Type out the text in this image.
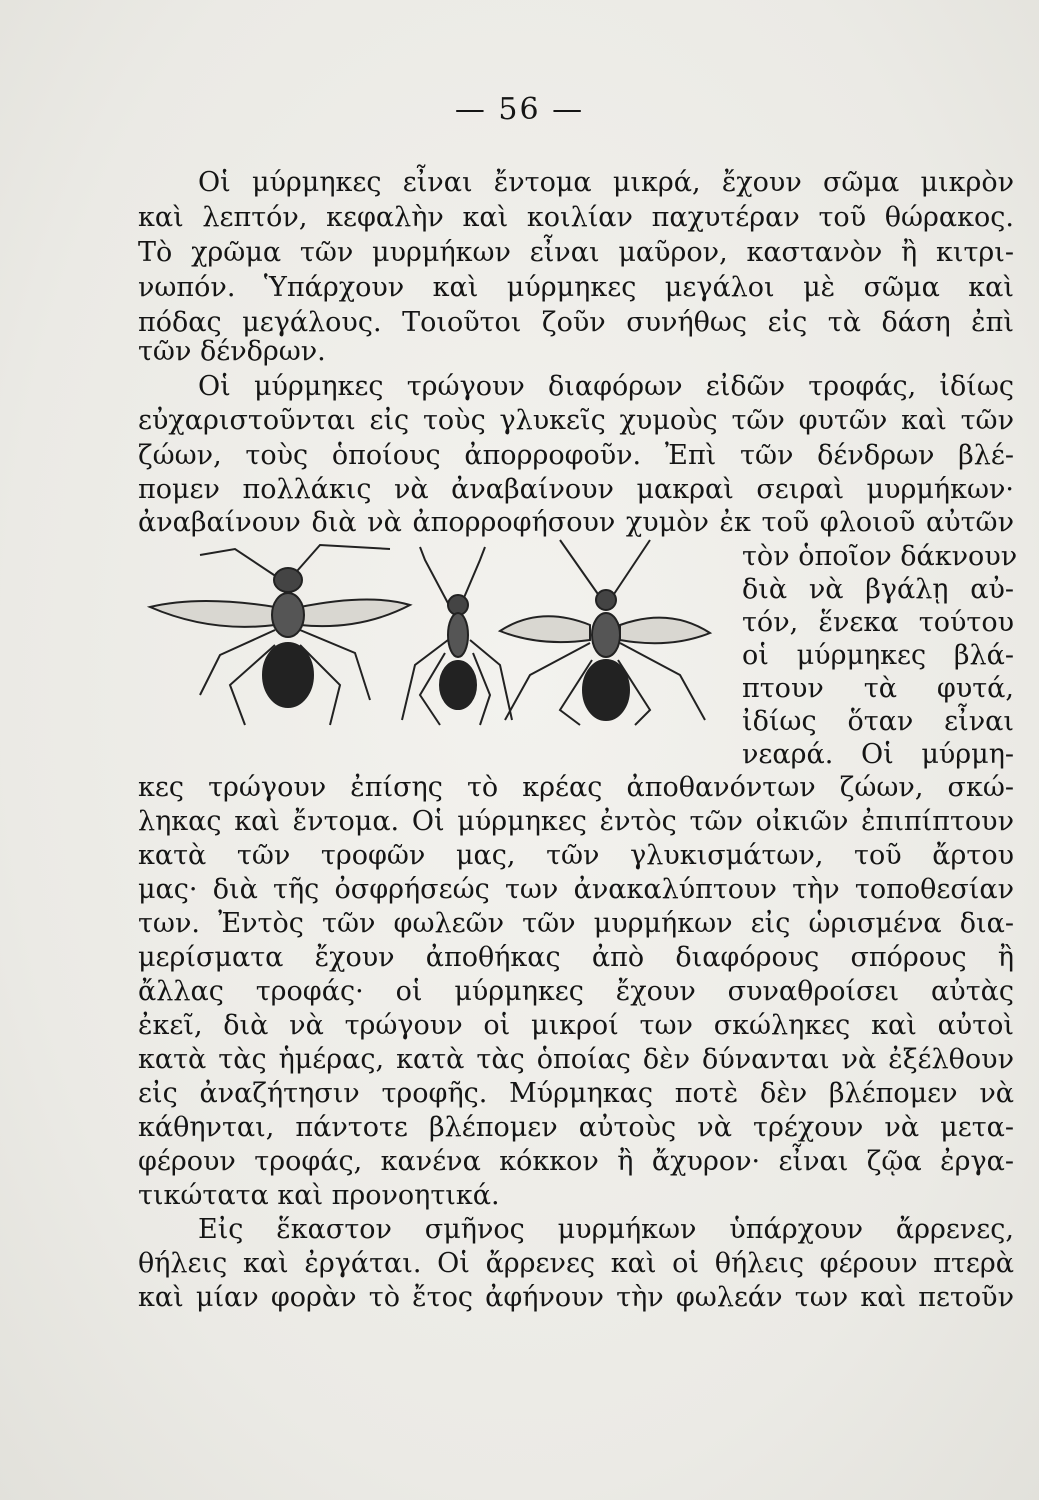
— 56 —
Οἱ μύρμηκες εἶναι ἔντομα μικρά, ἔχουν σῶμα μικρὸν
καὶ λεπτόν, κεφαλὴν καὶ κοιλίαν παχυτέραν τοῦ θώρακος.
Τὸ χρῶμα τῶν μυρμήκων εἶναι μαῦρον, καστανὸν ἢ κιτρι-
νωπόν. Ὑπάρχουν καὶ μύρμηκες μεγάλοι μὲ σῶμα καὶ
πόδας μεγάλους. Τοιοῦτοι ζοῦν συνήθως εἰς τὰ δάση ἐπὶ
τῶν δένδρων.
Οἱ μύρμηκες τρώγουν διαφόρων εἰδῶν τροφάς, ἰδίως
εὐχαριστοῦνται εἰς τοὺς γλυκεῖς χυμοὺς τῶν φυτῶν καὶ τῶν
ζώων, τοὺς ὁποίους ἀπορροφοῦν. Ἐπὶ τῶν δένδρων βλέ-
πομεν πολλάκις νὰ ἀναβαίνουν μακραὶ σειραὶ μυρμήκων·
ἀναβαίνουν διὰ νὰ ἀπορροφήσουν χυμὸν ἐκ τοῦ φλοιοῦ αὐτῶν
τὸν ὁποῖον δάκνουν
διὰ νὰ βγάλῃ αὐ-
τόν, ἕνεκα τούτου
οἱ μύρμηκες βλά-
πτουν τὰ φυτά,
ἰδίως ὅταν εἶναι
νεαρά. Οἱ μύρμη-
κες τρώγουν ἐπίσης τὸ κρέας ἀποθανόντων ζώων, σκώ-
ληκας καὶ ἔντομα. Οἱ μύρμηκες ἐντὸς τῶν οἰκιῶν ἐπιπίπτουν
κατὰ τῶν τροφῶν μας, τῶν γλυκισμάτων, τοῦ ἄρτου
μας· διὰ τῆς ὀσφρήσεώς των ἀνακαλύπτουν τὴν τοποθεσίαν
των. Ἐντὸς τῶν φωλεῶν τῶν μυρμήκων εἰς ὡρισμένα δια-
μερίσματα ἔχουν ἀποθήκας ἀπὸ διαφόρους σπόρους ἢ
ἄλλας τροφάς· οἱ μύρμηκες ἔχουν συναθροίσει αὐτὰς
ἐκεῖ, διὰ νὰ τρώγουν οἱ μικροί των σκώληκες καὶ αὐτοὶ
κατὰ τὰς ἡμέρας, κατὰ τὰς ὁποίας δὲν δύνανται νὰ ἐξέλθουν
εἰς ἀναζήτησιν τροφῆς. Μύρμηκας ποτὲ δὲν βλέπομεν νὰ
κάθηνται, πάντοτε βλέπομεν αὐτοὺς νὰ τρέχουν νὰ μετα-
φέρουν τροφάς, κανένα κόκκον ἢ ἄχυρον· εἶναι ζῷα ἐργα-
τικώτατα καὶ προνοητικά.
Εἰς ἕκαστον σμῆνος μυρμήκων ὑπάρχουν ἄρρενες,
θήλεις καὶ ἐργάται. Οἱ ἄρρενες καὶ οἱ θήλεις φέρουν πτερὰ
καὶ μίαν φορὰν τὸ ἔτος ἀφήνουν τὴν φωλεάν των καὶ πετοῦν
